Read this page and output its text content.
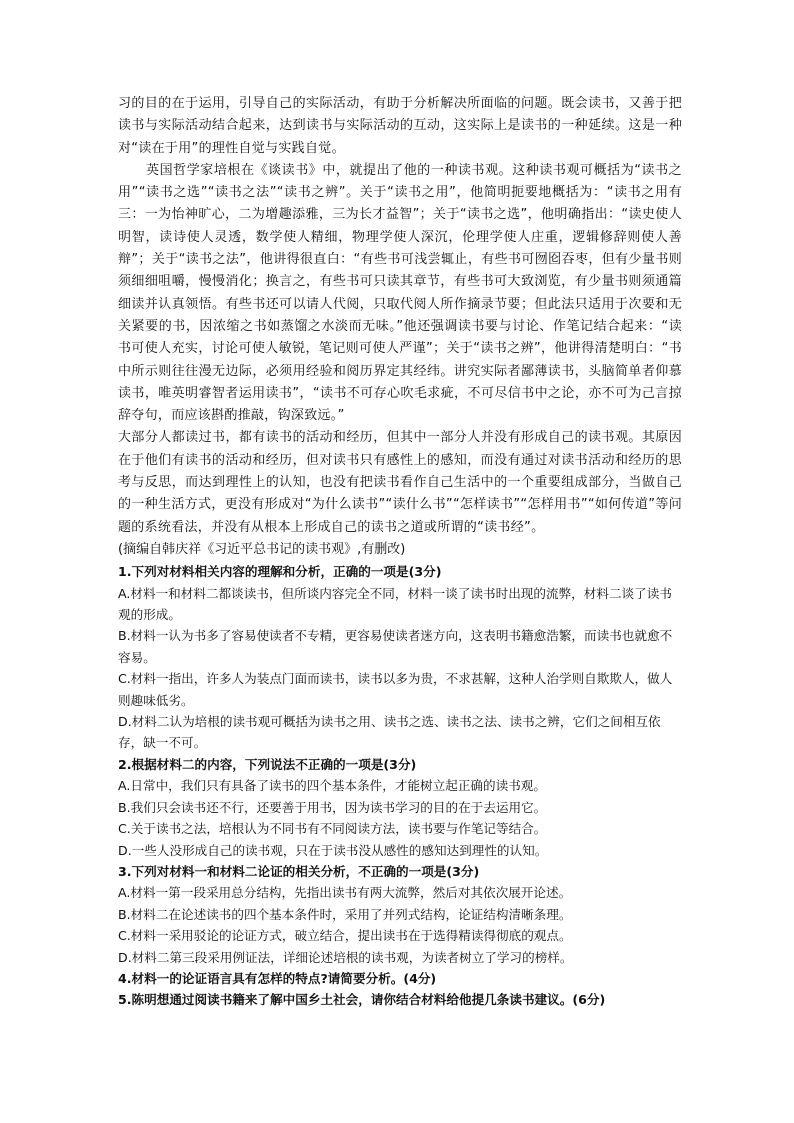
习的目的在于运用，引导自己的实际活动，有助于分析解决所面临的问题。既会读书，又善于把读书与实际活动结合起来，达到读书与实际活动的互动，这实际上是读书的一种延续。这是一种对“读在于用”的理性自觉与实践自觉。

英国哲学家培根在《谈读书》中，就提出了他的一种读书观。这种读书观可概括为“读书之用”“读书之选”“读书之法”“读书之辨”。关于“读书之用”，他简明扼要地概括为：“读书之用有三：一为怡神旷心，二为增趣添雅，三为长才益智”；关于“读书之选”，他明确指出：“读史使人明智，读诗使人灵透，数学使人精细，物理学使人深沉，伦理学使人庄重，逻辑修辞则使人善辩”；关于“读书之法”，他讲得很直白：“有些书可浅尝辄止，有些书可囫囵吞枣，但有少量书则须细细咀嚼，慢慢消化；换言之，有些书可只读其章节，有些书可大致浏览，有少量书则须通篇细读并认真领悟。有些书还可以请人代阅，只取代阅人所作摘录节要；但此法只适用于次要和无关紧要的书，因浓缩之书如蒸馏之水淡而无味。”他还强调读书要与讨论、作笔记结合起来：“读书可使人充实，讨论可使人敏锐，笔记则可使人严谨”；关于“读书之辨”，他讲得清楚明白：“书中所示则往往漫无边际，必须用经验和阅历界定其经纬。讲究实际者鄙薄读书，头脑简单者仰慕读书，唯英明睿智者运用读书”，“读书不可存心吹毛求疵，不可尽信书中之论，亦不可为己言掠辞夺句，而应该斟酌推敲，钩深致远。”

大部分人都读过书，都有读书的活动和经历，但其中一部分人并没有形成自己的读书观。其原因在于他们有读书的活动和经历，但对读书只有感性上的感知，而没有通过对读书活动和经历的思考与反思，而达到理性上的认知，也没有把读书看作自己生活中的一个重要组成部分，当做自己的一种生活方式，更没有形成对“为什么读书”“读什么书”“怎样读书”“怎样用书”“如何传道”等问题的系统看法，并没有从根本上形成自己的读书之道或所谓的“读书经”。

(摘编自韩庆祥《习近平总书记的读书观》,有删改)

1.下列对材料相关内容的理解和分析，正确的一项是(3分)

A.材料一和材料二都谈读书，但所谈内容完全不同，材料一谈了读书时出现的流弊，材料二谈了读书观的形成。

B.材料一认为书多了容易使读者不专精，更容易使读者迷方向，这表明书籍愈浩繁，而读书也就愈不容易。

C.材料一指出，许多人为装点门面而读书，读书以多为贵，不求甚解，这种人治学则自欺欺人，做人则趣味低劣。

D.材料二认为培根的读书观可概括为读书之用、读书之选、读书之法、读书之辨，它们之间相互依存，缺一不可。

2.根据材料二的内容，下列说法不正确的一项是(3分)

A.日常中，我们只有具备了读书的四个基本条件，才能树立起正确的读书观。

B.我们只会读书还不行，还要善于用书，因为读书学习的目的在于去运用它。

C.关于读书之法，培根认为不同书有不同阅读方法，读书要与作笔记等结合。

D.一些人没形成自己的读书观，只在于读书没从感性的感知达到理性的认知。

3.下列对材料一和材料二论证的相关分析，不正确的一项是(3分)

A.材料一第一段采用总分结构，先指出读书有两大流弊，然后对其依次展开论述。

B.材料二在论述读书的四个基本条件时，采用了并列式结构，论证结构清晰条理。

C.材料一采用驳论的论证方式，破立结合，提出读书在于选得精读得彻底的观点。

D.材料二第三段采用例证法，详细论述培根的读书观，为读者树立了学习的榜样。

4.材料一的论证语言具有怎样的特点?请简要分析。(4分)

5.陈明想通过阅读书籍来了解中国乡土社会，请你结合材料给他提几条读书建议。(6分)
